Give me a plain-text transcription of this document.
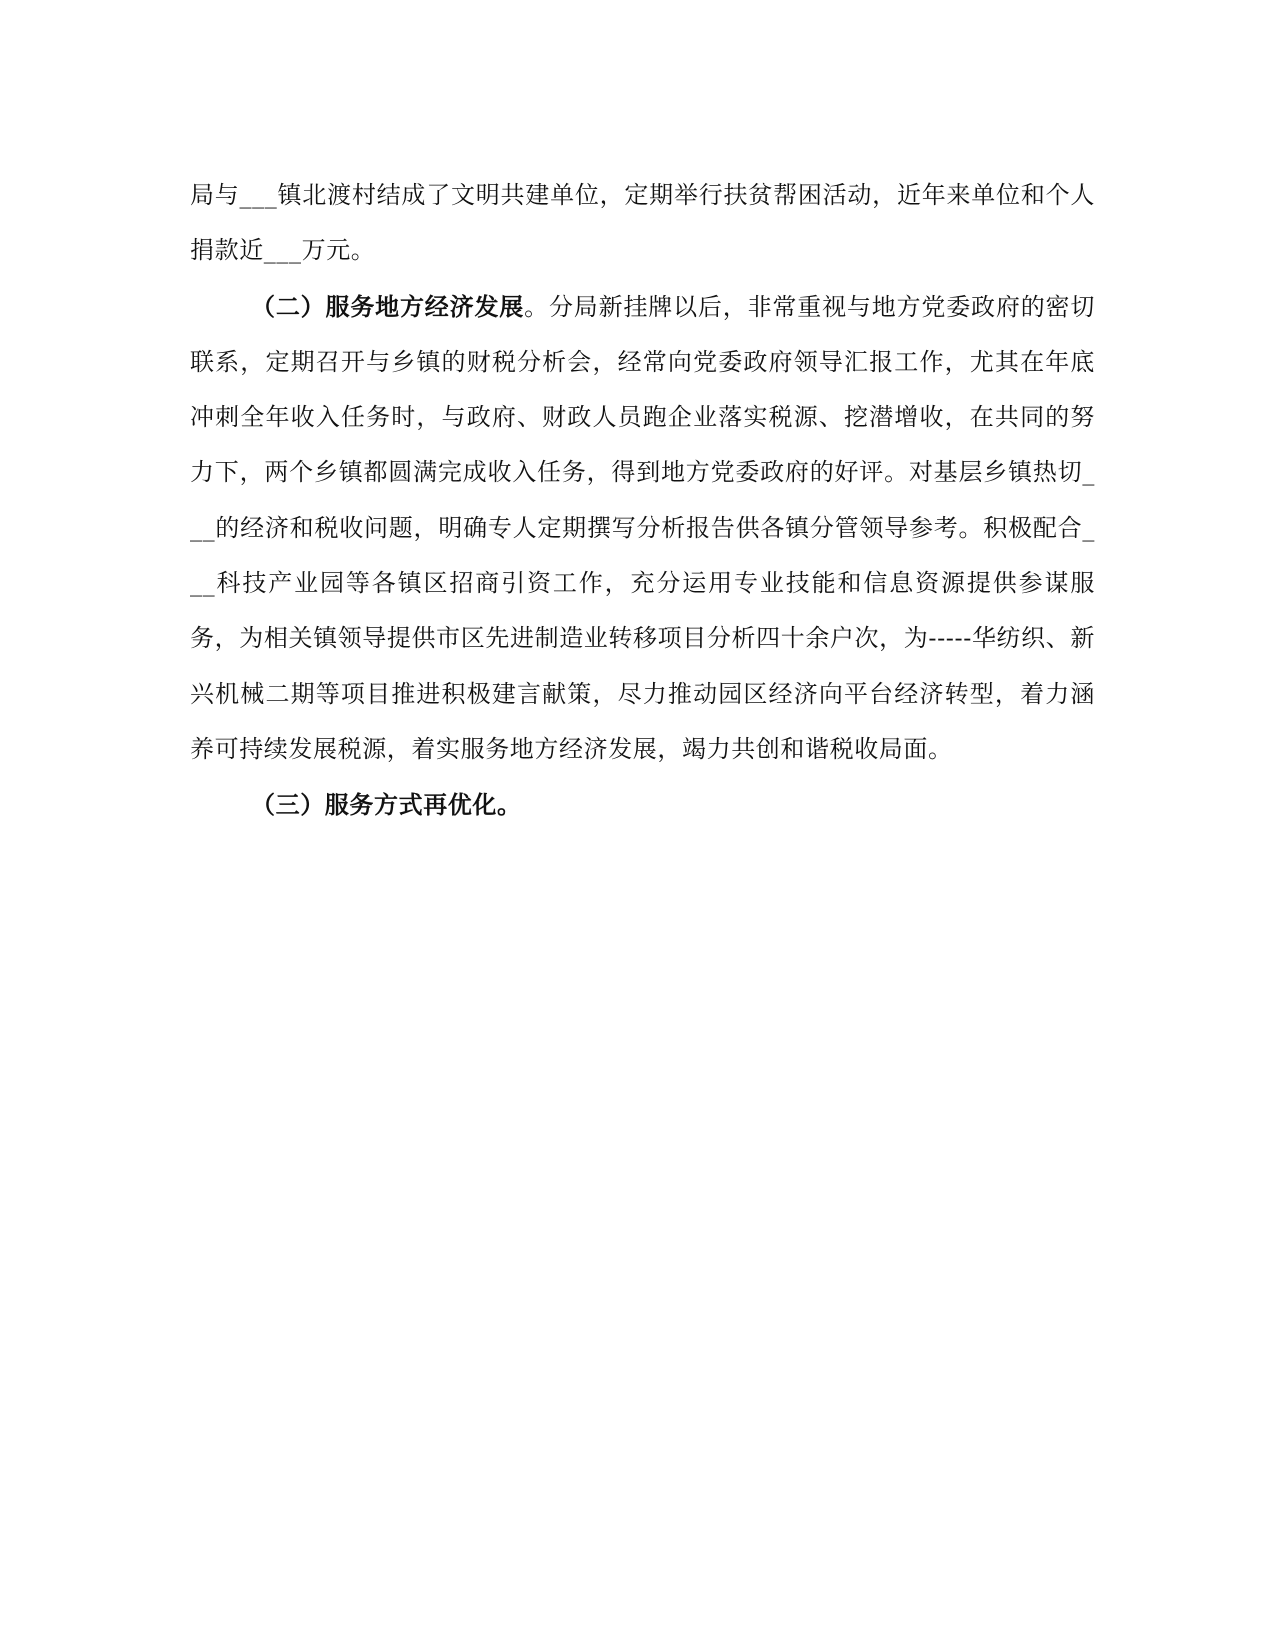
局与___镇北渡村结成了文明共建单位，定期举行扶贫帮困活动，近年来单位和个人捐款近___万元。

（二）服务地方经济发展。分局新挂牌以后，非常重视与地方党委政府的密切联系，定期召开与乡镇的财税分析会，经常向党委政府领导汇报工作，尤其在年底冲刺全年收入任务时，与政府、财政人员跑企业落实税源、挖潜增收，在共同的努力下，两个乡镇都圆满完成收入任务，得到地方党委政府的好评。对基层乡镇热切___的经济和税收问题，明确专人定期撰写分析报告供各镇分管领导参考。积极配合___科技产业园等各镇区招商引资工作，充分运用专业技能和信息资源提供参谋服务，为相关镇领导提供市区先进制造业转移项目分析四十余户次，为-----华纺织、新兴机械二期等项目推进积极建言献策，尽力推动园区经济向平台经济转型，着力涵养可持续发展税源，着实服务地方经济发展，竭力共创和谐税收局面。

（三）服务方式再优化。
